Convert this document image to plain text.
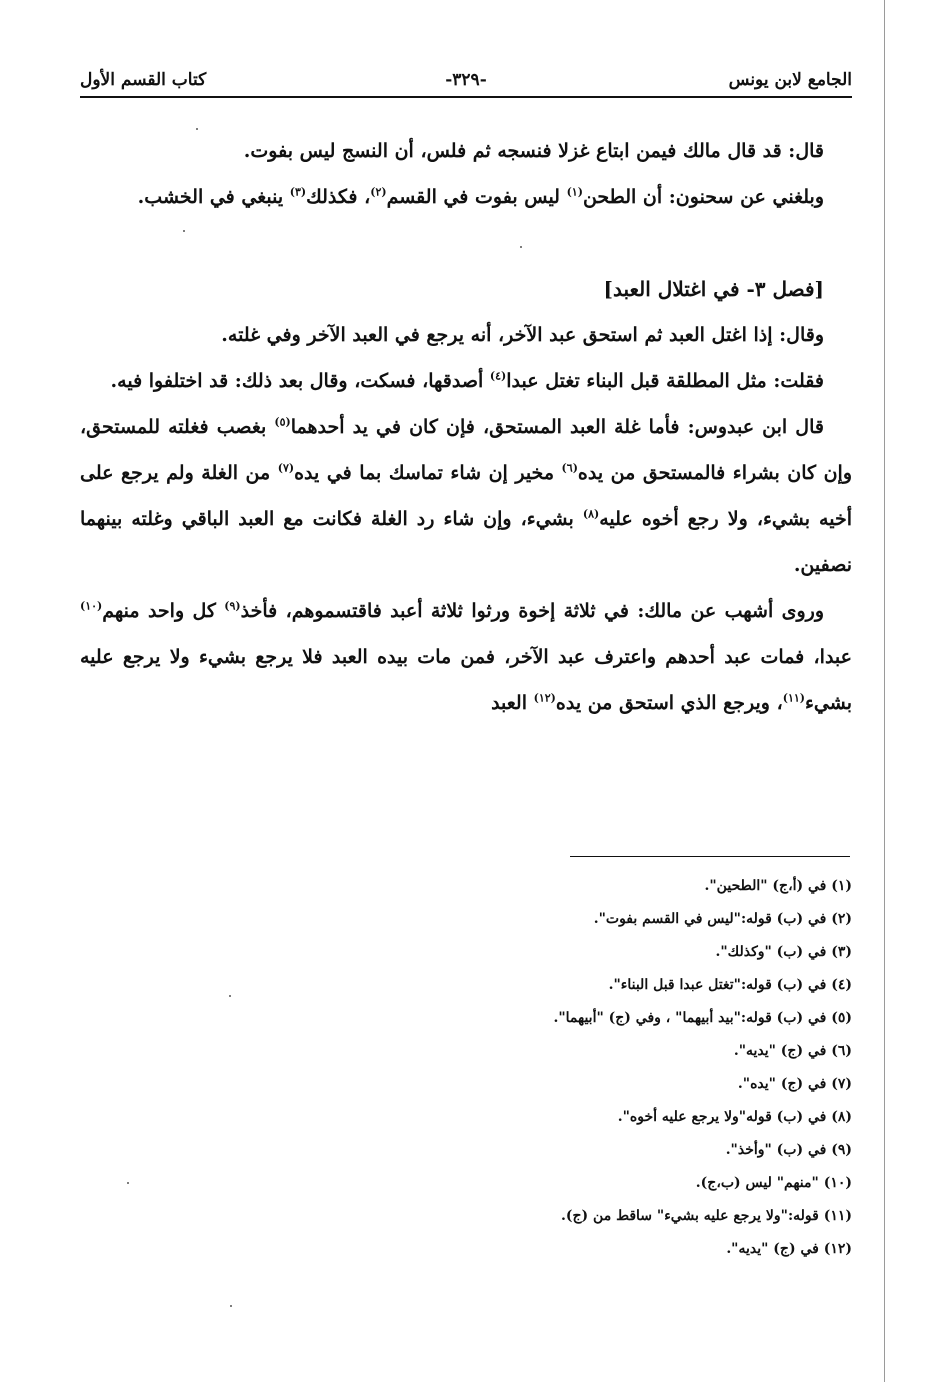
الجامع لابن يونس
-٣٢٩-
كتاب القسم الأول

قال: قد قال مالك فيمن ابتاع غزلا فنسجه ثم فلس، أن النسج ليس بفوت.

وبلغني عن سحنون: أن الطحن$^{(١)}$ ليس بفوت في القسم$^{(٢)}$، فكذلك$^{(٣)}$ ينبغي في الخشب.

[فصل ٣- في اغتلال العبد]

وقال: إذا اغتل العبد ثم استحق عبد الآخر، أنه يرجع في العبد الآخر وفي غلته.

فقلت: مثل المطلقة قبل البناء تغتل عبدا$^{(٤)}$ أصدقها، فسكت، وقال بعد ذلك: قد اختلفوا فيه.

قال ابن عبدوس: فأما غلة العبد المستحق، فإن كان في يد أحدهما$^{(٥)}$ بغصب فغلته للمستحق، وإن كان بشراء فالمستحق من يده$^{(٦)}$ مخير إن شاء تماسك بما في يده$^{(٧)}$ من الغلة ولم يرجع على أخيه بشيء، ولا رجع أخوه عليه$^{(٨)}$ بشيء، وإن شاء رد الغلة فكانت مع العبد الباقي وغلته بينهما نصفين.

وروى أشهب عن مالك: في ثلاثة إخوة ورثوا ثلاثة أعبد فاقتسموهم، فأخذ$^{(٩)}$ كل واحد منهم$^{(١٠)}$ عبدا، فمات عبد أحدهم واعترف عبد الآخر، فمن مات بيده العبد فلا يرجع بشيء ولا يرجع عليه بشيء$^{(١١)}$، ويرجع الذي استحق من يده$^{(١٢)}$ العبد

(١) في (أ،ج) "الطحين".

(٢) في (ب) قوله:"ليس في القسم بفوت".

(٣) في (ب) "وكذلك".

(٤) في (ب) قوله:"تغتل عبدا قبل البناء".

(٥) في (ب) قوله:"بيد أبيهما" ، وفي (ج) "أبيهما".

(٦) في (ج) "يديه".

(٧) في (ج) "يده".

(٨) في (ب) قوله"ولا يرجع عليه أخوه".

(٩) في (ب) "وأخذ".

(١٠) "منهم" ليس (ب،ج).

(١١) قوله:"ولا يرجع عليه بشيء" ساقط من (ج).

(١٢) في (ج) "يديه".
